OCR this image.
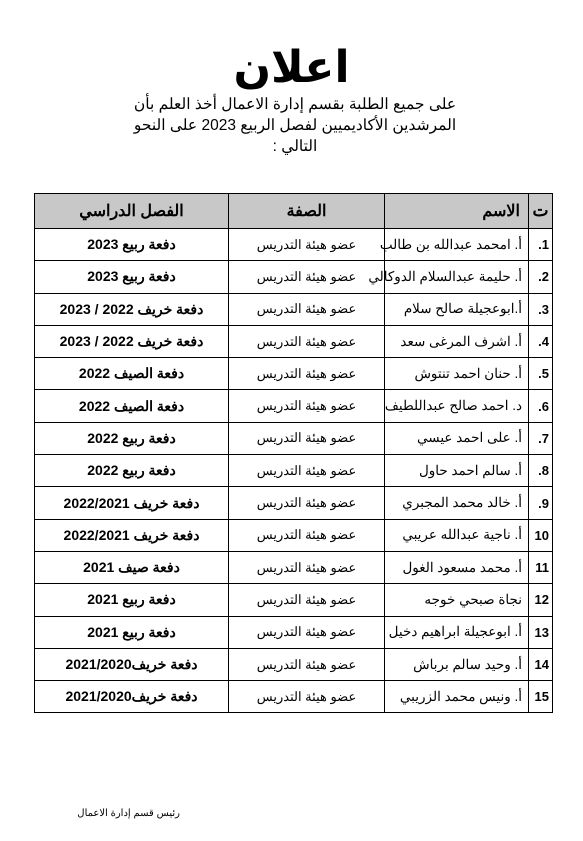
اعلان
على جميع الطلبة بقسم إدارة الاعمال أخذ العلم بأن
المرشدين الأكاديميين لفصل الربيع 2023 على النحو
التالي :
ت	الاسم	الصفة	الفصل الدراسي
1.	أ. امحمد عبدالله بن طالب	عضو هيئة التدريس	دفعة ربيع 2023
2.	أ. حليمة عبدالسلام الدوكالي	عضو هيئة التدريس	دفعة ربيع 2023
3.	أ.ابوعجيلة صالح سلام	عضو هيئة التدريس	دفعة خريف 2022 / 2023
4.	أ. اشرف المرغى سعد	عضو هيئة التدريس	دفعة خريف 2022 / 2023
5.	أ. حنان احمد تنتوش	عضو هيئة التدريس	دفعة الصيف 2022
6.	د. احمد صالح عبداللطيف	عضو هيئة التدريس	دفعة الصيف 2022
7.	أ. على احمد عيسي	عضو هيئة التدريس	دفعة ربيع 2022
8.	أ. سالم احمد حاول	عضو هيئة التدريس	دفعة ربيع 2022
9.	أ. خالد محمد المجبري	عضو هيئة التدريس	دفعة خريف 2022/2021
10	أ. ناجية عبدالله عريبي	عضو هيئة التدريس	دفعة خريف 2022/2021
11	أ. محمد مسعود الغول	عضو هيئة التدريس	دفعة صيف 2021
12	نجاة صبحي خوجه	عضو هيئة التدريس	دفعة ربيع 2021
13	أ. ابوعجيلة ابراهيم دخيل	عضو هيئة التدريس	دفعة ربيع 2021
14	أ. وحيد سالم برباش	عضو هيئة التدريس	دفعة خريف2021/2020
15	أ. ونيس محمد الزريبي	عضو هيئة التدريس	دفعة خريف2021/2020
رئيس قسم إدارة الاعمال
